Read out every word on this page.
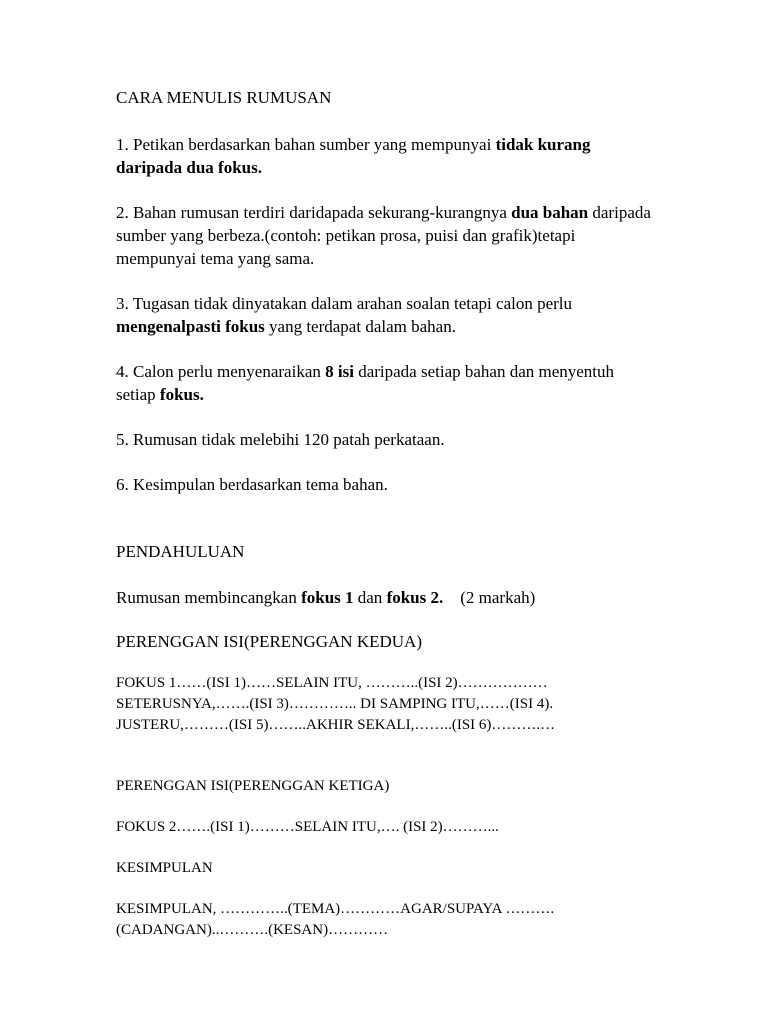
CARA MENULIS RUMUSAN

1. Petikan berdasarkan bahan sumber yang mempunyai tidak kurang daripada dua fokus.

2. Bahan rumusan terdiri daridapada sekurang-kurangnya dua bahan daripada sumber yang berbeza.(contoh: petikan prosa, puisi dan grafik)tetapi mempunyai tema yang sama.

3. Tugasan tidak dinyatakan dalam arahan soalan tetapi calon perlu mengenalpasti fokus yang terdapat dalam bahan.

4. Calon perlu menyenaraikan 8 isi daripada setiap bahan dan menyentuh setiap fokus.

5. Rumusan tidak melebihi 120 patah perkataan.

6. Kesimpulan berdasarkan tema bahan.

PENDAHULUAN

Rumusan membincangkan fokus 1 dan fokus 2.    (2 markah)

PERENGGAN ISI(PERENGGAN KEDUA)

FOKUS 1……(ISI 1)……SELAIN ITU, ………..(ISI 2)………………

SETERUSNYA,…….(ISI 3)………….. DI SAMPING ITU,……(ISI 4).

JUSTERU,………(ISI 5)……..AKHIR SEKALI,……..(ISI 6)……….…

PERENGGAN ISI(PERENGGAN KETIGA)

FOKUS 2…….(ISI 1)………SELAIN ITU,…. (ISI 2)………...

KESIMPULAN

KESIMPULAN, …………..(TEMA)…………AGAR/SUPAYA ……….

(CADANGAN)..……….(KESAN)…………
